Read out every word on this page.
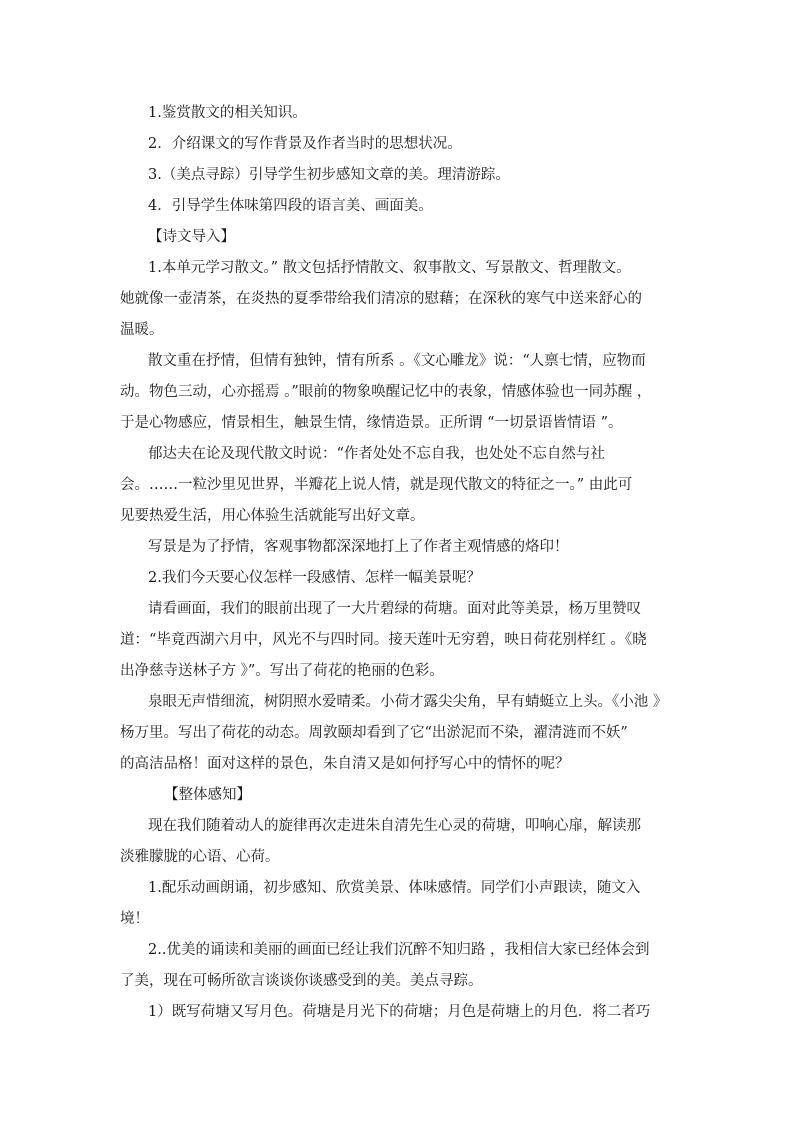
1.鉴赏散文的相关知识。
2．介绍课文的写作背景及作者当时的思想状况。
3.（美点寻踪）引导学生初步感知文章的美。理清游踪。
4．引导学生体味第四段的语言美、画面美。
【诗文导入】
1.本单元学习散文。” 散文包括抒情散文、叙事散文、写景散文、哲理散文。
她就像一壶清茶，在炎热的夏季带给我们清凉的慰藉；在深秋的寒气中送来舒心的
温暖。
散文重在抒情，但情有独钟，情有所系 。《文心雕龙》说：“人禀七情，应物而
动。物色三动，心亦摇焉 。”眼前的物象唤醒记忆中的表象，情感体验也一同苏醒 ，
于是心物感应，情景相生，触景生情，缘情造景。正所谓 “一切景语皆情语 ”。
郁达夫在论及现代散文时说：“作者处处不忘自我，也处处不忘自然与社
会。……一粒沙里见世界，半瓣花上说人情，就是现代散文的特征之一。” 由此可
见要热爱生活，用心体验生活就能写出好文章。
写景是为了抒情，客观事物都深深地打上了作者主观情感的烙印！
2.我们今天要心仪怎样一段感情、怎样一幅美景呢？
请看画面，我们的眼前出现了一大片碧绿的荷塘。面对此等美景，杨万里赞叹
道：“毕竟西湖六月中，风光不与四时同。接天莲叶无穷碧，映日荷花别样红 。《晓
出净慈寺送林子方 》”。写出了荷花的艳丽的色彩。
泉眼无声惜细流，树阴照水爱晴柔。小荷才露尖尖角，早有蜻蜓立上头。《小池 》
杨万里。写出了荷花的动态。周敦颐却看到了它“出淤泥而不染，濯清涟而不妖”
的高洁品格！面对这样的景色，朱自清又是如何抒写心中的情怀的呢？
【整体感知】
现在我们随着动人的旋律再次走进朱自清先生心灵的荷塘，叩响心扉，解读那
淡雅朦胧的心语、心荷。
1.配乐动画朗诵，初步感知、欣赏美景、体味感情。同学们小声跟读，随文入
境！
2..优美的诵读和美丽的画面已经让我们沉醉不知归路 ，我相信大家已经体会到
了美，现在可畅所欲言谈谈你谈感受到的美。美点寻踪。
1）既写荷塘又写月色。荷塘是月光下的荷塘；月色是荷塘上的月色．将二者巧
